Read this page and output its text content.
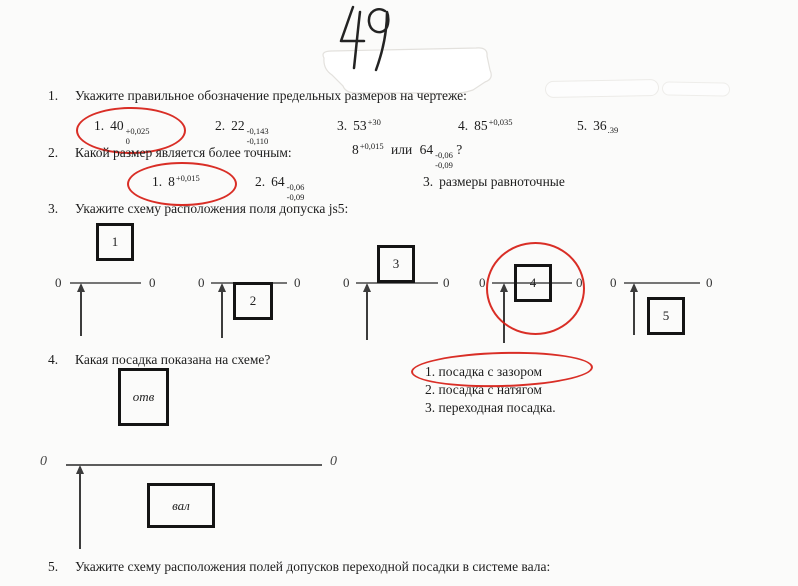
1. Укажите правильное обозначение предельных размеров на чертеже:
1. 40 +0,025
0
2. 22 -0,143
-0,110
3. $53^{+30}$	4. $85^{+0,035}$	5. $36_{.39}$
2. Какой размер является более точным:	$8^{+0,015}$ или 64 -0,06
-0,09
?
1. $8^{+0,015}$	2. 64 -0,06
-0,09
3. размеры равноточные
3. Укажите схему расположения поля допуска js5:
0	0
1
0	0
2
0	0
3
0	0
4	0	0
5
4. Какая посадка показана на схеме?
отв
1. посадка с зазором
2. посадка с натягом
3. переходная посадка.
0	0
вал
5. Укажите схему расположения полей допусков переходной посадки в системе вала:
